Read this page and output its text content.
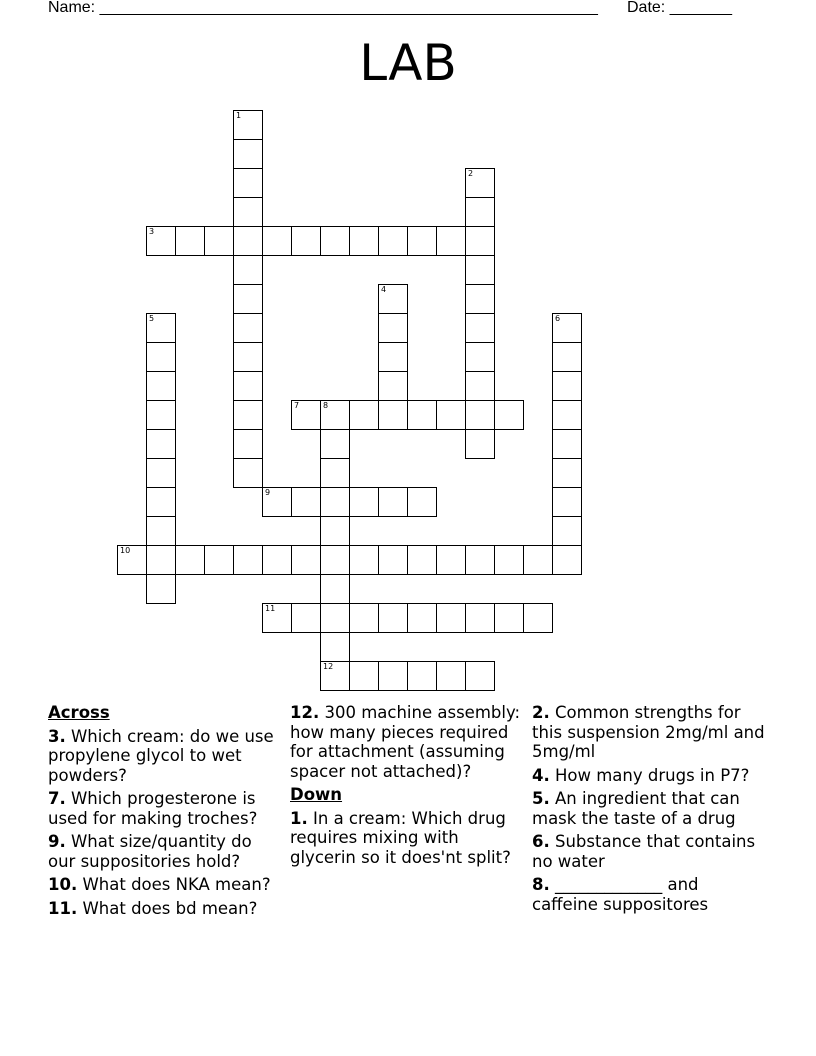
Name: ________________________________________________________ Date: _______
LAB
1
2
3
4
5	6
7	8
12
9
10
11
Across

3. Which cream: do we use propylene glycol to wet powders?

7. Which progesterone is used for making troches?

9. What size/quantity do our suppositories hold?

10. What does NKA mean?

11. What does bd mean?

12. 300 machine assembly: how many pieces required for attachment (assuming spacer not attached)?

Down

1. In a cream: Which drug requires mixing with glycerin so it does'nt split?

2. Common strengths for this suspension 2mg/ml and 5mg/ml

4. How many drugs in P7?

5. An ingredient that can mask the taste of a drug

6. Substance that contains no water

8. _____________ and caffeine suppositores
